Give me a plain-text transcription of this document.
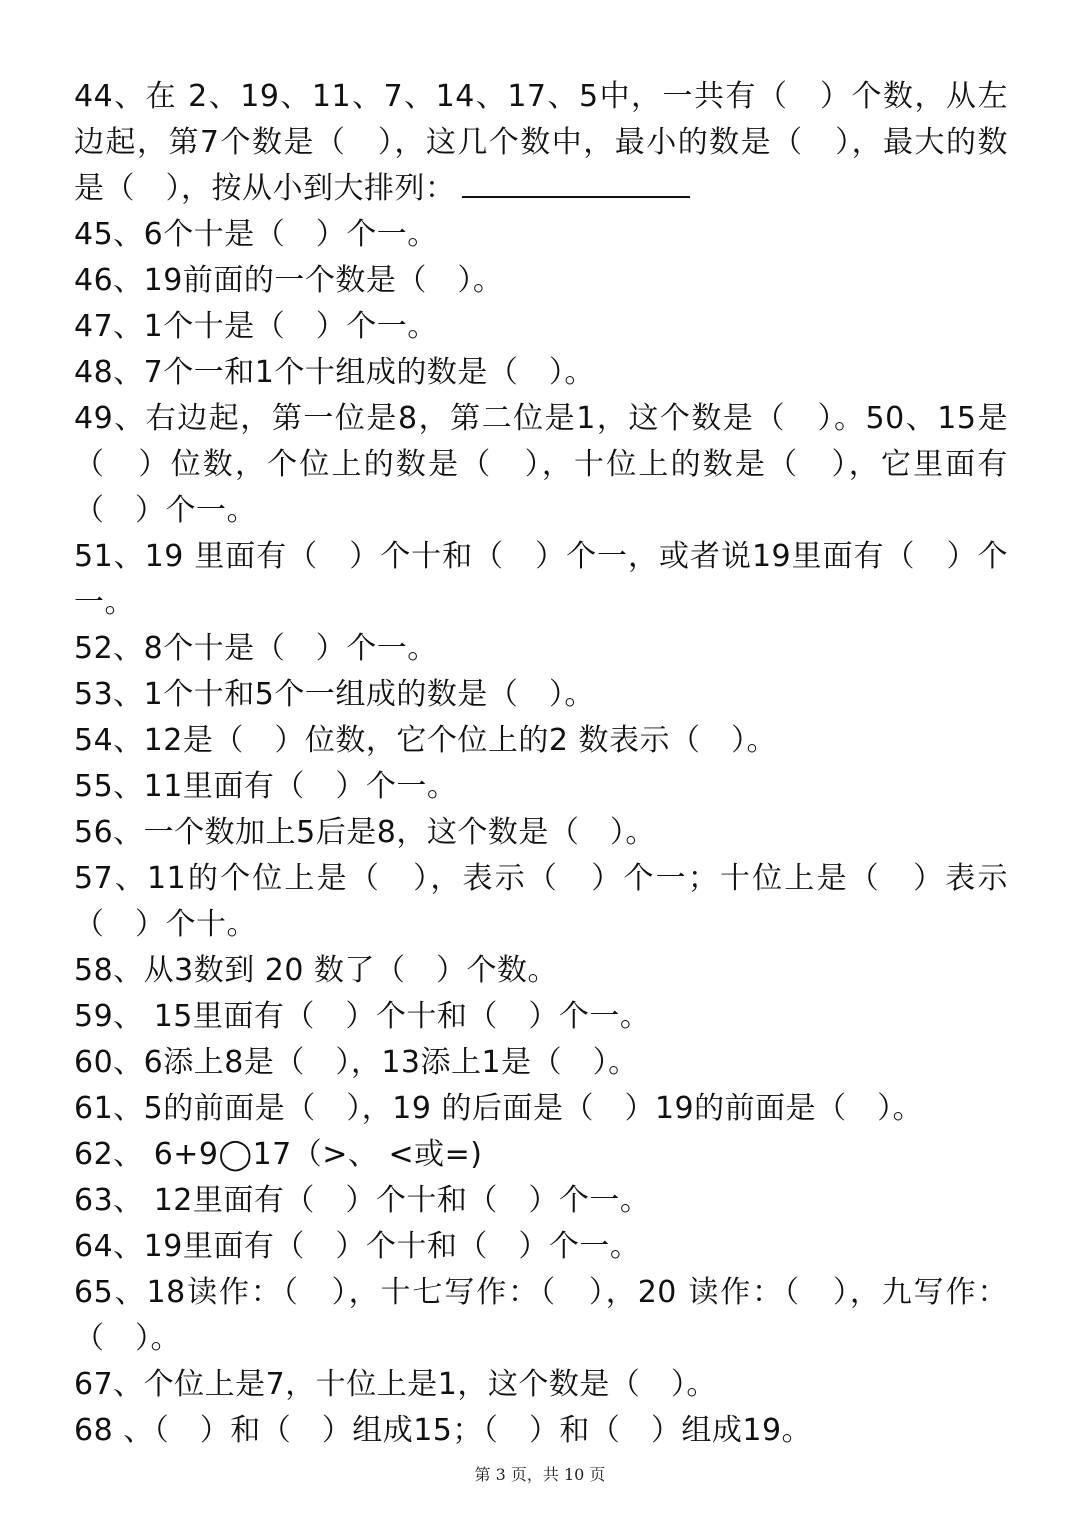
44、在 2、19、11、7、14、17、5中，一共有（　）个数，从左边起，第7个数是（　），这几个数中，最小的数是（　），最大的数是（　），按从小到大排列：

45、6个十是（　）个一。

46、19前面的一个数是（　）。

47、1个十是（　）个一。

48、7个一和1个十组成的数是（　）。

49、右边起，第一位是8，第二位是1，这个数是（　）。50、15是（　）位数，个位上的数是（　），十位上的数是（　），它里面有（　）个一。

51、19 里面有（　）个十和（　）个一，或者说19里面有（　）个一。

52、8个十是（　）个一。

53、1个十和5个一组成的数是（　）。

54、12是（　）位数，它个位上的2 数表示（　）。

55、11里面有（　）个一。

56、一个数加上5后是8，这个数是（　）。

57、11的个位上是（　），表示（　）个一；十位上是（　）表示（　）个十。

58、从3数到 20 数了（　）个数。

59、 15里面有（　）个十和（　）个一。

60、6添上8是（　），13添上1是（　）。

61、5的前面是（　），19 的后面是（　）19的前面是（　）。

62、 6+9◯17（>、 <或=)

63、 12里面有（　）个十和（　）个一。

64、19里面有（　）个十和（　）个一。

65、18读作：（　），十七写作：（　），20 读作：（　），九写作：（　）。

67、个位上是7，十位上是1，这个数是（　）。

68 、（　）和（　）组成15；（　）和（　）组成19。

第 3 页，共 10 页
